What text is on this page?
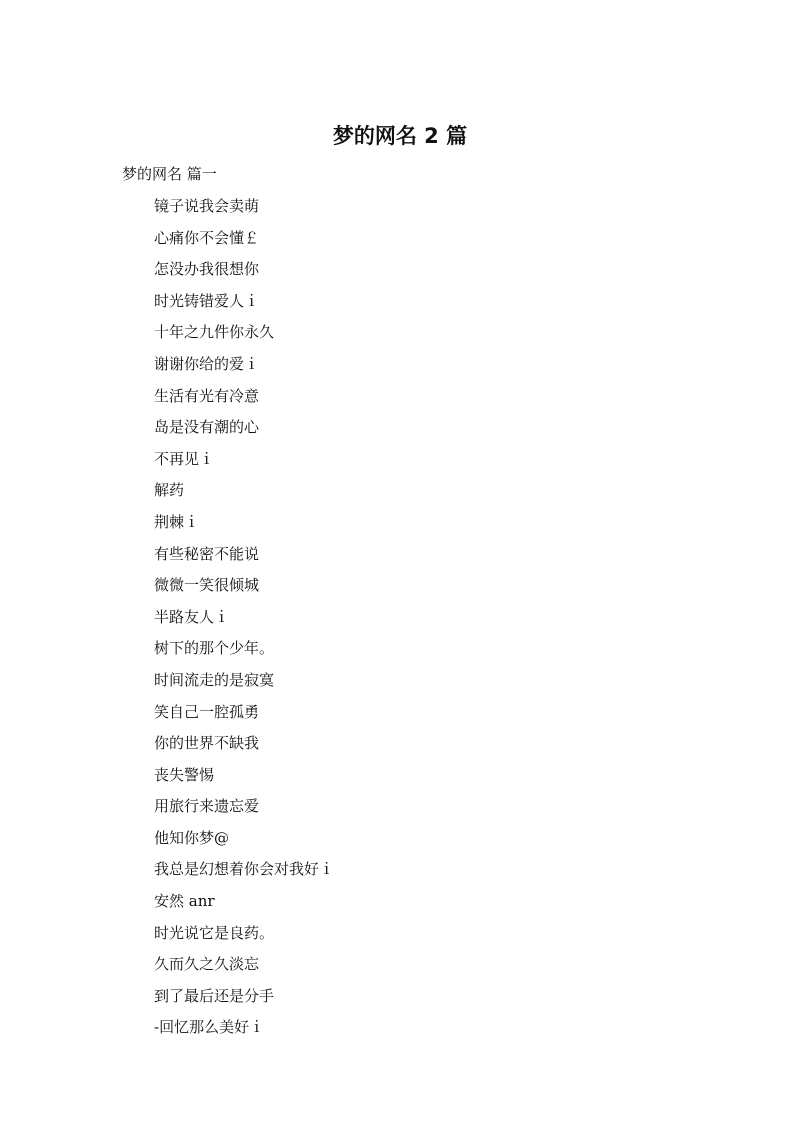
梦的网名 2 篇

梦的网名 篇一

镜子说我会卖萌
心痛你不会懂￡
怎没办我很想你
时光铸错爱人ｉ
十年之九件你永久
谢谢你给的爱ｉ
生活有光有冷意
岛是没有潮的心
不再见ｉ
解药
荆棘ｉ
有些秘密不能说
微微一笑很倾城
半路友人ｉ
树下的那个少年。
时间流走的是寂寞
笑自己一腔孤勇
你的世界不缺我
丧失警惕
用旅行来遗忘爱
他知你梦@
我总是幻想着你会对我好ｉ
安然 anr
时光说它是良药。
久而久之久淡忘
到了最后还是分手
-回忆那么美好ｉ
